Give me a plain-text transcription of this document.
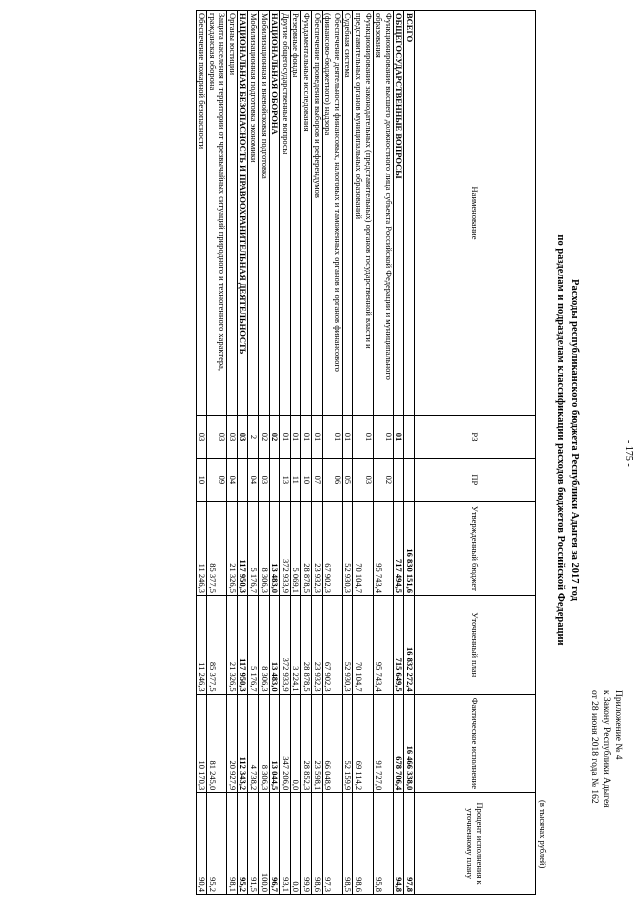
- 175 -
Приложение № 4
к Закону Республики Адыгея
от 28 июня 2018 года № 162
Расходы республиканского бюджета Республики Адыгея за 2017 год
по разделам и подразделам классификации расходов бюджетов Российской Федерации
(в тысячах рублей)
Наименование	РЗ	ПР	Утвержденный бюджет	Уточненный план	Фактическое исполнение	Процент исполнения к уточненному плану
ВСЕГО			16 830 151,6	16 832 272,4	16 466 338,0	97,8
ОБЩЕГОСУДАРСТВЕННЫЕ ВОПРОСЫ	01		717 494,5	715 649,5	678 706,4	94,8
Функционирование высшего должностного лица субъекта Российской Федерации и муниципального образования	01	02	95 743,4	95 743,4	91 727,0	95,8
Функционирование законодательных (представительных) органов государственной власти и представительных органов муниципальных образований	01	03	70 104,7	70 104,7	69 114,2	98,6
Судебная система	01	05	52 930,3	52 930,3	52 159,9	98,5
Обеспечение деятельности финансовых, налоговых и таможенных органов и органов финансового (финансово-бюджетного) надзора	01	06	67 902,3	67 902,3	66 048,9	97,3
Обеспечение проведения выборов и референдумов	01	07	23 932,3	23 932,3	23 598,1	98,6
Фундаментальные исследования	01	10	28 878,5	28 878,5	28 852,3	99,9
Резервные фонды	01	11	5 069,1	3 224,1	0,0	0,0
Другие общегосударственные вопросы	01	13	372 933,9	372 933,9	347 206,0	93,1
НАЦИОНАЛЬНАЯ ОБОРОНА	02		13 483,0	13 483,0	13 044,5	96,7
Мобилизационная и вневойсковая подготовка	02	03	8 306,3	8 306,3	8 306,3	100,0
Мобилизационная подготовка экономики	2	04	5 176,7	5 176,7	4 738,2	91,5
НАЦИОНАЛЬНАЯ БЕЗОПАСНОСТЬ И ПРАВООХРАНИТЕЛЬНАЯ ДЕЯТЕЛЬНОСТЬ	03		117 950,3	117 950,3	112 343,2	95,2
Органы юстиции	03	04	21 326,5	21 326,5	20 927,9	98,1
Защита населения и территории от чрезвычайных ситуаций природного и техногенного характера, гражданская оборона	03	09	85 377,5	85 377,5	81 245,0	95,2
Обеспечение пожарной безопасности	03	10	11 246,3	11 246,3	10 170,3	90,4
